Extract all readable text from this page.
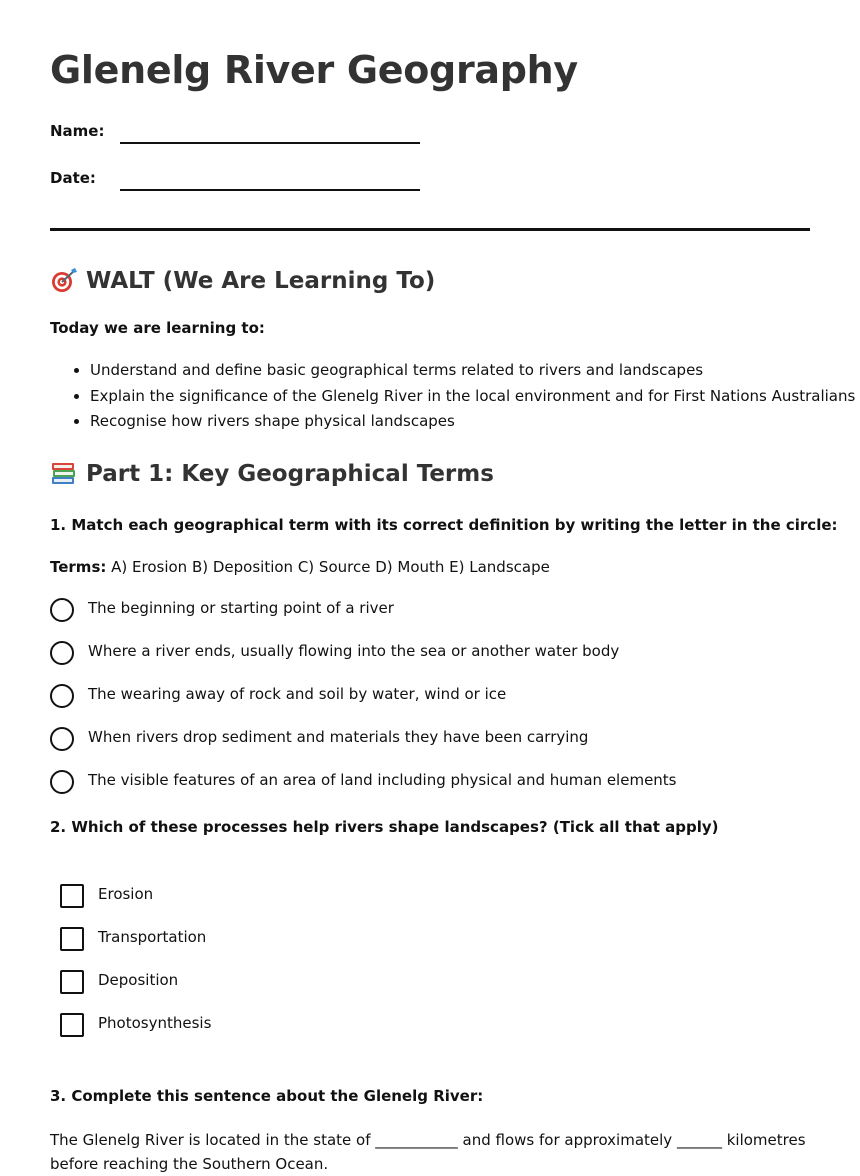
Glenelg River Geography
Name:
Date:
WALT (We Are Learning To)
Today we are learning to:
• Understand and define basic geographical terms related to rivers and landscapes
• Explain the significance of the Glenelg River in the local environment and for First Nations Australians
• Recognise how rivers shape physical landscapes
Part 1: Key Geographical Terms
1. Match each geographical term with its correct definition by writing the letter in the circle:
Terms: A) Erosion B) Deposition C) Source D) Mouth E) Landscape
The beginning or starting point of a river
Where a river ends, usually flowing into the sea or another water body
The wearing away of rock and soil by water, wind or ice
When rivers drop sediment and materials they have been carrying
The visible features of an area of land including physical and human elements
2. Which of these processes help rivers shape landscapes? (Tick all that apply)
Erosion
Transportation
Deposition
Photosynthesis
3. Complete this sentence about the Glenelg River:
The Glenelg River is located in the state of ___________ and flows for approximately ______ kilometres before reaching the Southern Ocean.
